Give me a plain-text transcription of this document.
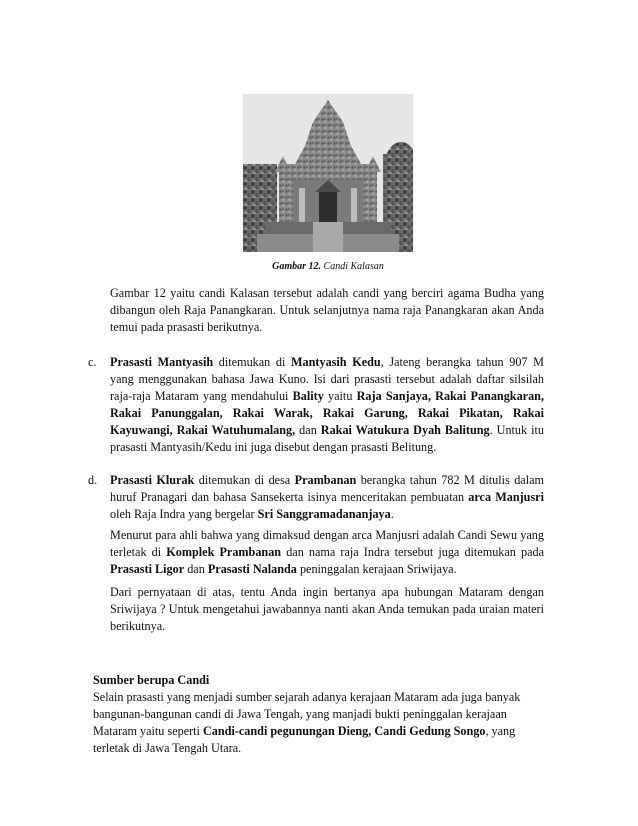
Gambar 12. Candi Kalasan

Gambar 12 yaitu candi Kalasan tersebut adalah candi yang berciri agama Budha yang dibangun oleh Raja Panangkaran. Untuk selanjutnya nama raja Panangkaran akan Anda temui pada prasasti berikutnya.

c. Prasasti Mantyasih ditemukan di Mantyasih Kedu, Jateng berangka tahun 907 M yang menggunakan bahasa Jawa Kuno. Isi dari prasasti tersebut adalah daftar silsilah raja-raja Mataram yang mendahului Bality yaitu Raja Sanjaya, Rakai Panangkaran, Rakai Panunggalan, Rakai Warak, Rakai Garung, Rakai Pikatan, Rakai Kayuwangi, Rakai Watuhumalang, dan Rakai Watukura Dyah Balitung. Untuk itu prasasti Mantyasih/Kedu ini juga disebut dengan prasasti Belitung.

d. Prasasti Klurak ditemukan di desa Prambanan berangka tahun 782 M ditulis dalam huruf Pranagari dan bahasa Sansekerta isinya menceritakan pembuatan arca Manjusri oleh Raja Indra yang bergelar Sri Sanggramadananjaya.

Menurut para ahli bahwa yang dimaksud dengan arca Manjusri adalah Candi Sewu yang terletak di Komplek Prambanan dan nama raja Indra tersebut juga ditemukan pada Prasasti Ligor dan Prasasti Nalanda peninggalan kerajaan Sriwijaya.

Dari pernyataan di atas, tentu Anda ingin bertanya apa hubungan Mataram dengan Sriwijaya ? Untuk mengetahui jawabannya nanti akan Anda temukan pada uraian materi berikutnya.

Sumber berupa Candi

Selain prasasti yang menjadi sumber sejarah adanya kerajaan Mataram ada juga banyak bangunan-bangunan candi di Jawa Tengah, yang manjadi bukti peninggalan kerajaan Mataram yaitu seperti Candi-candi pegunungan Dieng, Candi Gedung Songo, yang terletak di Jawa Tengah Utara.
